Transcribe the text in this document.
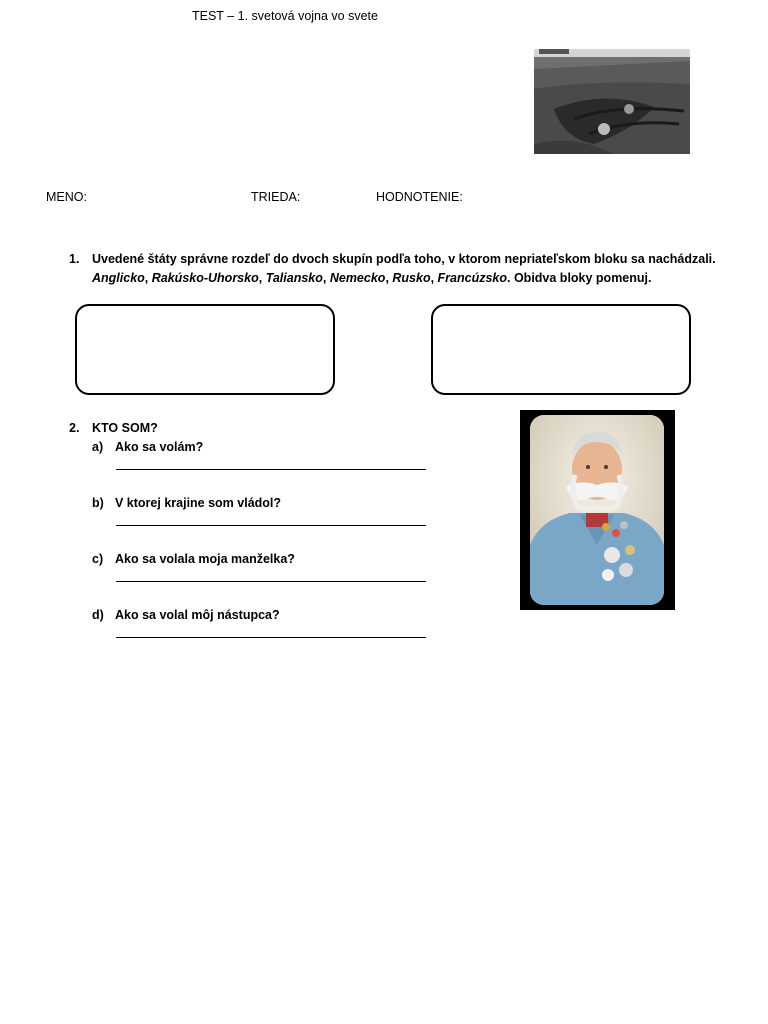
TEST – 1. svetová vojna vo svete
MENO:	TRIEDA:	HODNOTENIE:
1. Uvedené štáty správne rozdeľ do dvoch skupín podľa toho, v ktorom nepriateľskom bloku sa nachádzali.
Anglicko, Rakúsko-Uhorsko, Taliansko, Nemecko, Rusko, Francúzsko. Obidva bloky pomenuj.
2. KTO SOM?
a) Ako sa volám?
b) V ktorej krajine som vládol?
c) Ako sa volala moja manželka?
d) Ako sa volal môj nástupca?
